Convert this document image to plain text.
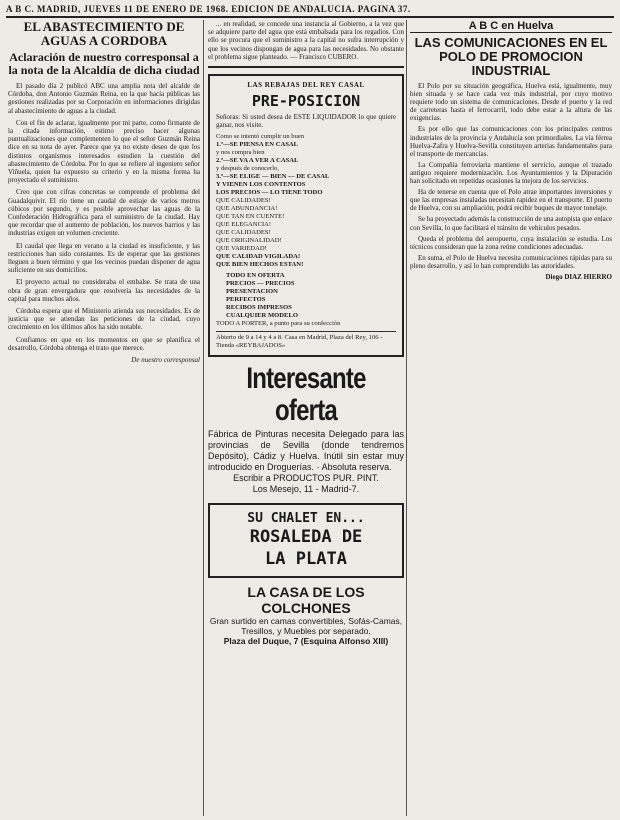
A B C. MADRID, JUEVES 11 DE ENERO DE 1968. EDICION DE ANDALUCIA. PAGINA 37.
EL ABASTECIMIENTO DE AGUAS A CORDOBA
Aclaración de nuestro corresponsal a la nota de la Alcaldía de dicha ciudad

El pasado día 2 publicó ABC una amplia nota del alcalde de Córdoba, don Antonio Guzmán Reina, en la que hacía públicas las gestiones realizadas por su Corporación en informaciones dirigidas al abastecimiento de aguas a la ciudad.

Con el fin de aclarar, igualmente por mi parte, como firmante de la citada información, estimo preciso hacer algunas puntualizaciones que complementen lo que el señor Guzmán Reina dice en su nota de ayer. Parece que ya no existe deseo de que los distintos organismos interesados estudien la cuestión del abastecimiento de Córdoba. Por lo que se refiere al ingeniero señor Viñuela, quien ha expuesto su criterio y en la misma forma ha proyectado el suministro.

Creo que con cifras concretas se comprende el problema del Guadalquivir. El río tiene un caudal de estiaje de varios metros cúbicos por segundo, y es posible aprovechar las aguas de la Confederación Hidrográfica para el suministro de la ciudad. Hay que recordar que el aumento de población, los nuevos barrios y las industrias exigen un volumen creciente.

El caudal que llega en verano a la ciudad es insuficiente, y las restricciones han sido constantes. Es de esperar que las gestiones lleguen a buen término y que los vecinos puedan disponer de agua suficiente en sus domicilios.

El proyecto actual no consideraba el embalse. Se trata de una obra de gran envergadura que resolvería las necesidades de la capital para muchos años.

Córdoba espera que el Ministerio atienda sus necesidades. Es de justicia que se atiendan las peticiones de la ciudad, cuyo crecimiento en los últimos años ha sido notable.

Confiamos en que en los momentos en que se planifica el desarrollo, Córdoba obtenga el trato que merece.

De nuestro corresponsal

... en realidad, se concede una instancia al Gobierno, a la vez que se adquiere parte del agua que está embalsada para los regadíos. Con ello se procura que el suministro a la capital no sufra interrupción y que los vecinos dispongan de agua para las necesidades. No obstante el problema sigue planteado. — Francisco CUBERO.

LAS REBAJAS DEL REY CASAL
PRE-POSICION
Señoras: Si usted desea de ESTE LIQUIDADOR lo que quiere ganar, nos visite.
Como se intentó cumplir un buen
1.º—SE PIENSA EN CASAL
y nos compra bien
2.º—SE VA A VER A CASAL
y después de conocerlo,
3.º—SE ELIGE — BIEN — DE CASAL
Y VIENEN LOS CONTENTOS
LOS PRECIOS — LO TIENE TODO
QUE CALIDADES!
QUE ABUNDANCIA!
QUE TAN EN CUENTE!
QUE ELEGANCIA!
QUE CALIDADES!
QUE ORIGINALIDAD!
QUE VARIEDAD!
QUE CALIDAD VIGILADA!
QUE BIEN HECHOS ESTAN!
TODO EN OFERTA
PRECIOS — PRECIOS
PRESENTACION
PERFECTOS
RECIBOS IMPRESOS
CUALQUIER MODELO
TODO A PORTER, a punto para su confección
Abierto de 9 a 14 y 4 a 8. Casa en Madrid, Plaza del Rey, 106 - Tienda «REYBAJADOS»
Interesante oferta
Fábrica de Pinturas necesita Delegado para las provincias de Sevilla (donde tendremos Depósito), Cádiz y Huelva. Inútil sin estar muy introducido en Droguerías. · Absoluta reserva.
Escribir a PRODUCTOS PUR. PINT.
Los Mesejo, 11 - Madrid-7.
SU CHALET EN...
ROSALEDA DE
LA PLATA
LA CASA DE LOS COLCHONES
Gran surtido en camas convertibles, Sofás-Camas, Tresillos, y Muebles por separado.
Plaza del Duque, 7 (Esquina Alfonso XIII)
A B C en Huelva
LAS COMUNICACIONES EN EL POLO DE PROMOCION INDUSTRIAL

El Polo por su situación geográfica, Huelva está, igualmente, muy bien situada y se hace cada vez más industrial, por cuyo motivo requiere todo un sistema de comunicaciones. Desde el puerto y la red de carreteras hasta el ferrocarril, todo debe estar a la altura de las exigencias.

Es por ello que las comunicaciones con los principales centros industriales de la provincia y Andalucía son primordiales. La vía férrea Huelva-Zafra y Huelva-Sevilla constituyen arterias fundamentales para el transporte de mercancías.

La Compañía ferroviaria mantiene el servicio, aunque el trazado antiguo requiere modernización. Los Ayuntamientos y la Diputación han solicitado en repetidas ocasiones la mejora de los servicios.

Ha de tenerse en cuenta que el Polo atrae importantes inversiones y que las empresas instaladas necesitan rapidez en el transporte. El puerto de Huelva, con su ampliación, podrá recibir buques de mayor tonelaje.

Se ha proyectado además la construcción de una autopista que enlace con Sevilla, lo que facilitará el tránsito de vehículos pesados.

Queda el problema del aeropuerto, cuya instalación se estudia. Los técnicos consideran que la zona reúne condiciones adecuadas.

En suma, el Polo de Huelva necesita comunicaciones rápidas para su pleno desarrollo, y así lo han comprendido las autoridades.

Diego DIAZ HIERRO
